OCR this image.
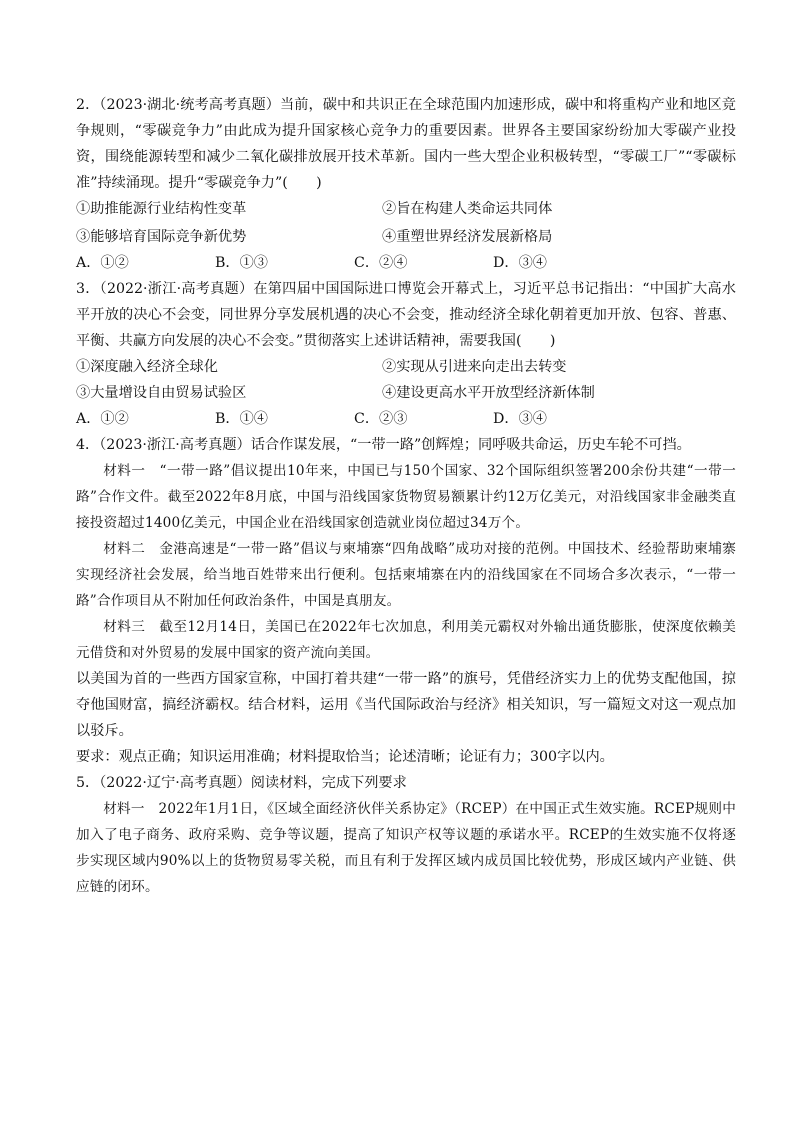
2．（2023·湖北·统考高考真题）当前，碳中和共识正在全球范围内加速形成，碳中和将重构产业和地区竞争规则，“零碳竞争力”由此成为提升国家核心竞争力的重要因素。世界各主要国家纷纷加大零碳产业投资，围绕能源转型和减少二氧化碳排放展开技术革新。国内一些大型企业积极转型，“零碳工厂”“零碳标准”持续涌现。提升“零碳竞争力”(　　)

①助推能源行业结构性变革	②旨在构建人类命运共同体
③能够培育国际竞争新优势	④重塑世界经济发展新格局
A．①②	B．①③	C．②④	D．③④

3．（2022·浙江·高考真题）在第四届中国国际进口博览会开幕式上，习近平总书记指出：“中国扩大高水平开放的决心不会变，同世界分享发展机遇的决心不会变，推动经济全球化朝着更加开放、包容、普惠、平衡、共赢方向发展的决心不会变。”贯彻落实上述讲话精神，需要我国(　　)

①深度融入经济全球化	②实现从引进来向走出去转变
③大量增设自由贸易试验区	④建设更高水平开放型经济新体制
A．①②	B．①④	C．②③	D．③④

4．（2023·浙江·高考真题）话合作谋发展，“一带一路”创辉煌；同呼吸共命运，历史车轮不可挡。

材料一　“一带一路”倡议提出10年来，中国已与150个国家、32个国际组织签署200余份共建“一带一路”合作文件。截至2022年8月底，中国与沿线国家货物贸易额累计约12万亿美元，对沿线国家非金融类直接投资超过1400亿美元，中国企业在沿线国家创造就业岗位超过34万个。

材料二　金港高速是“一带一路”倡议与柬埔寨“四角战略”成功对接的范例。中国技术、经验帮助柬埔寨实现经济社会发展，给当地百姓带来出行便利。包括柬埔寨在内的沿线国家在不同场合多次表示，“一带一路”合作项目从不附加任何政治条件，中国是真朋友。

材料三　截至12月14日，美国已在2022年七次加息，利用美元霸权对外输出通货膨胀，使深度依赖美元借贷和对外贸易的发展中国家的资产流向美国。

以美国为首的一些西方国家宣称，中国打着共建“一带一路”的旗号，凭借经济实力上的优势支配他国，掠夺他国财富，搞经济霸权。结合材料，运用《当代国际政治与经济》相关知识，写一篇短文对这一观点加以驳斥。

要求：观点正确；知识运用准确；材料提取恰当；论述清晰；论证有力；300字以内。

5．（2022·辽宁·高考真题）阅读材料，完成下列要求

材料一　2022年1月1日，《区域全面经济伙伴关系协定》（RCEP）在中国正式生效实施。RCEP规则中加入了电子商务、政府采购、竞争等议题，提高了知识产权等议题的承诺水平。RCEP的生效实施不仅将逐步实现区域内90%以上的货物贸易零关税，而且有利于发挥区域内成员国比较优势，形成区域内产业链、供应链的闭环。
